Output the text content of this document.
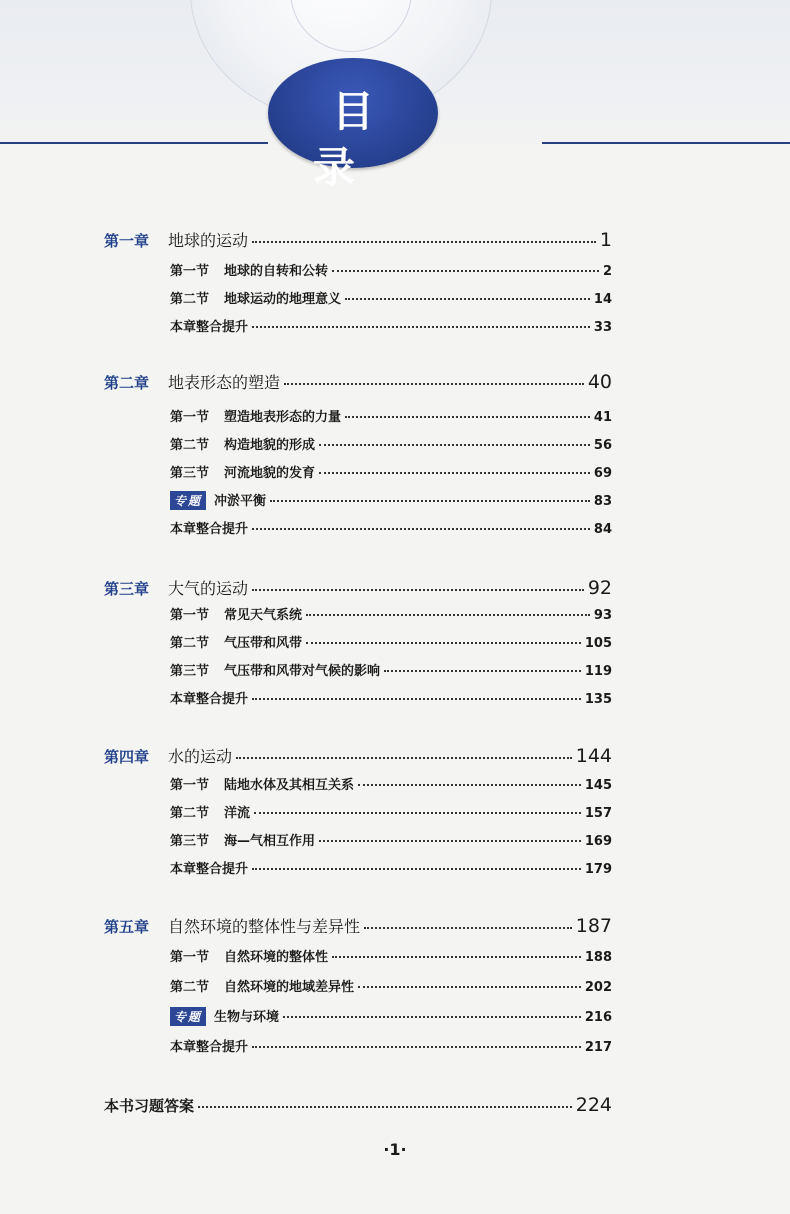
目 录
第一章	地球的运动	1
第一节	地球的自转和公转	2
第二节	地球运动的地理意义	14
本章整合提升	33
第二章	地表形态的塑造	40
第一节	塑造地表形态的力量	41
第二节	构造地貌的形成	56
第三节	河流地貌的发育	69
专题 冲淤平衡	83
本章整合提升	84
第三章	大气的运动	92
第一节	常见天气系统	93
第二节	气压带和风带	105
第三节	气压带和风带对气候的影响	119
本章整合提升	135
第四章	水的运动	144
第一节	陆地水体及其相互关系	145
第二节	洋流	157
第三节	海—气相互作用	169
本章整合提升	179
第五章	自然环境的整体性与差异性	187
第一节	自然环境的整体性	188
第二节	自然环境的地域差异性	202
专题 生物与环境	216
本章整合提升	217
本书习题答案	224
·1·
